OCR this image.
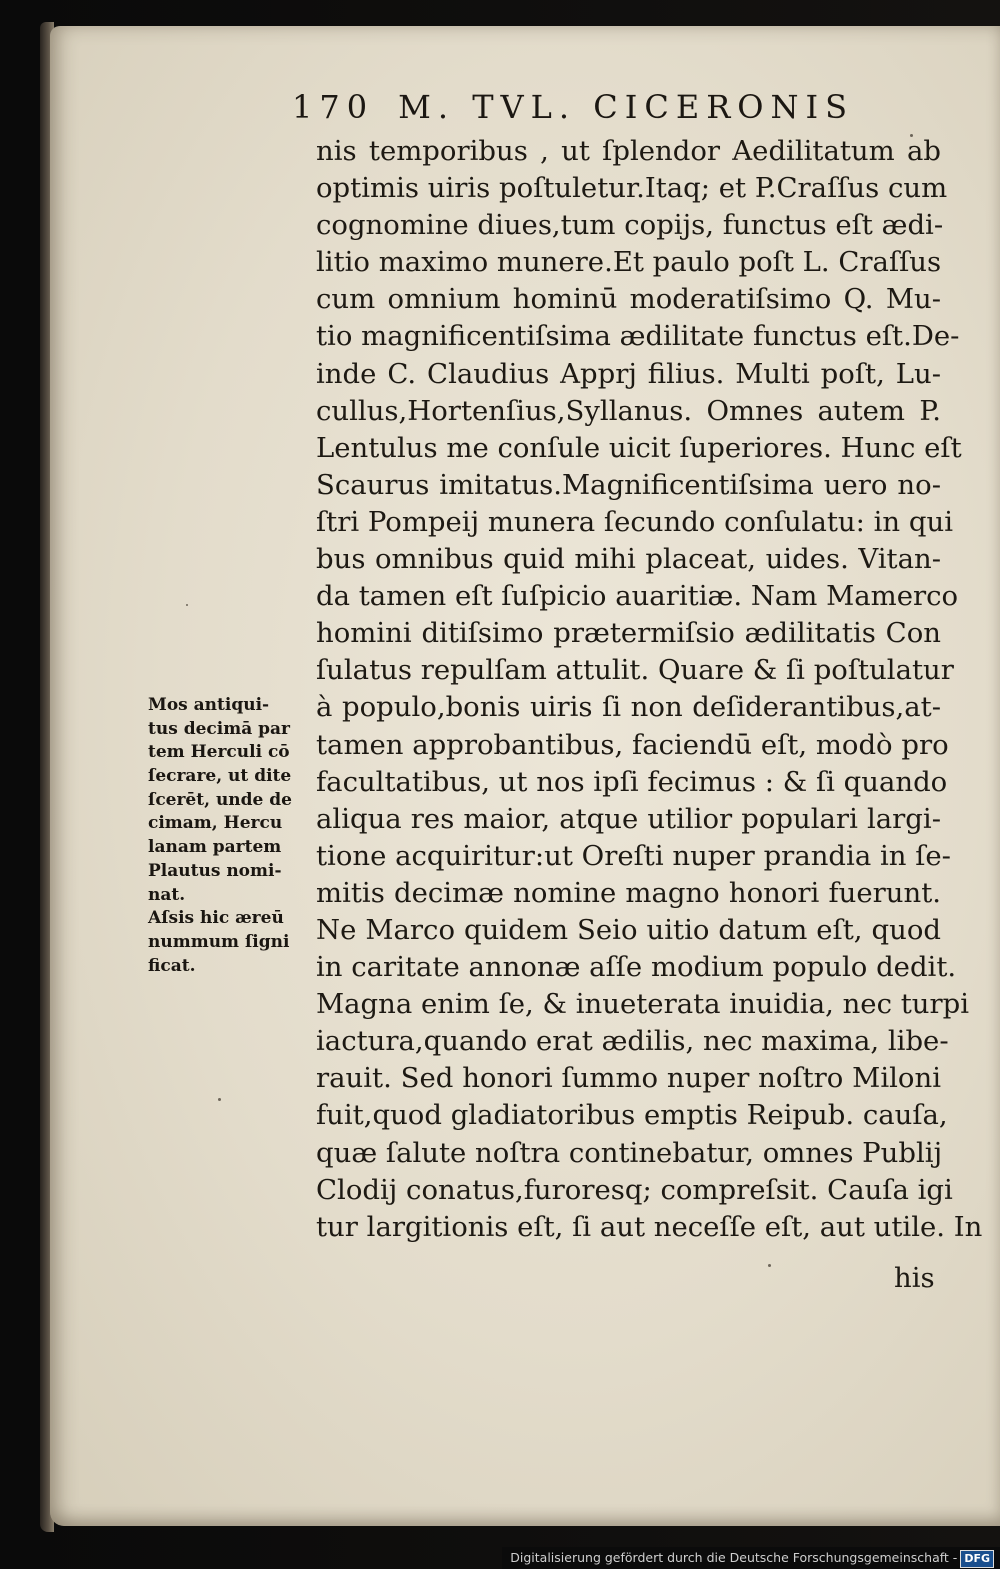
170 M. TVL. CICERONIS
nis temporibus , ut ſplendor Aedilitatum ab
optimis uiris poſtuletur.Itaq; et P.Craſſus cum
cognomine diues,tum copijs, functus eſt ædi-
litio maximo munere.Et paulo poſt L. Craſſus
cum omnium hominū moderatiſsimo Q. Mu-
tio magnificentiſsima ædilitate functus eſt.De-
inde C. Claudius Apprj filius. Multi poſt, Lu-
cullus,Hortenſius,Syllanus. Omnes autem P.
Lentulus me conſule uicit ſuperiores. Hunc eſt
Scaurus imitatus.Magnificentiſsima uero no-
ſtri Pompeij munera ſecundo conſulatu: in qui
bus omnibus quid mihi placeat, uides. Vitan-
da tamen eſt ſuſpicio auaritiæ. Nam Mamerco
homini ditiſsimo prætermiſsio ædilitatis Con
ſulatus repulſam attulit. Quare & ſi poſtulatur
à populo,bonis uiris ſi non deſiderantibus,at-
tamen approbantibus, faciendū eſt, modò pro
facultatibus, ut nos ipſi fecimus : & ſi quando
aliqua res maior, atque utilior populari largi-
tione acquiritur:ut Oreſti nuper prandia in ſe-
mitis decimæ nomine magno honori fuerunt.
Ne Marco quidem Seio uitio datum eſt, quod
in caritate annonæ aſſe modium populo dedit.
Magna enim ſe, & inueterata inuidia, nec turpi
iactura,quando erat ædilis, nec maxima, libe-
rauit. Sed honori ſummo nuper noſtro Miloni
fuit,quod gladiatoribus emptis Reipub. cauſa,
quæ ſalute noſtra continebatur, omnes Publij
Clodij conatus,furoresq; compreſsit. Cauſa igi
tur largitionis eſt, ſi aut neceſſe eſt, aut utile. In
Mos antiqui-
tus decimā par
tem Herculi cō
ſecrare, ut dite
ſcerēt, unde de
cimam, Hercu
lanam partem
Plautus nomi-
nat.
Aſsis hic æreū
nummum ſigni
ficat.
his
Digitalisierung gefördert durch die Deutsche Forschungsgemeinschaft - DFG
